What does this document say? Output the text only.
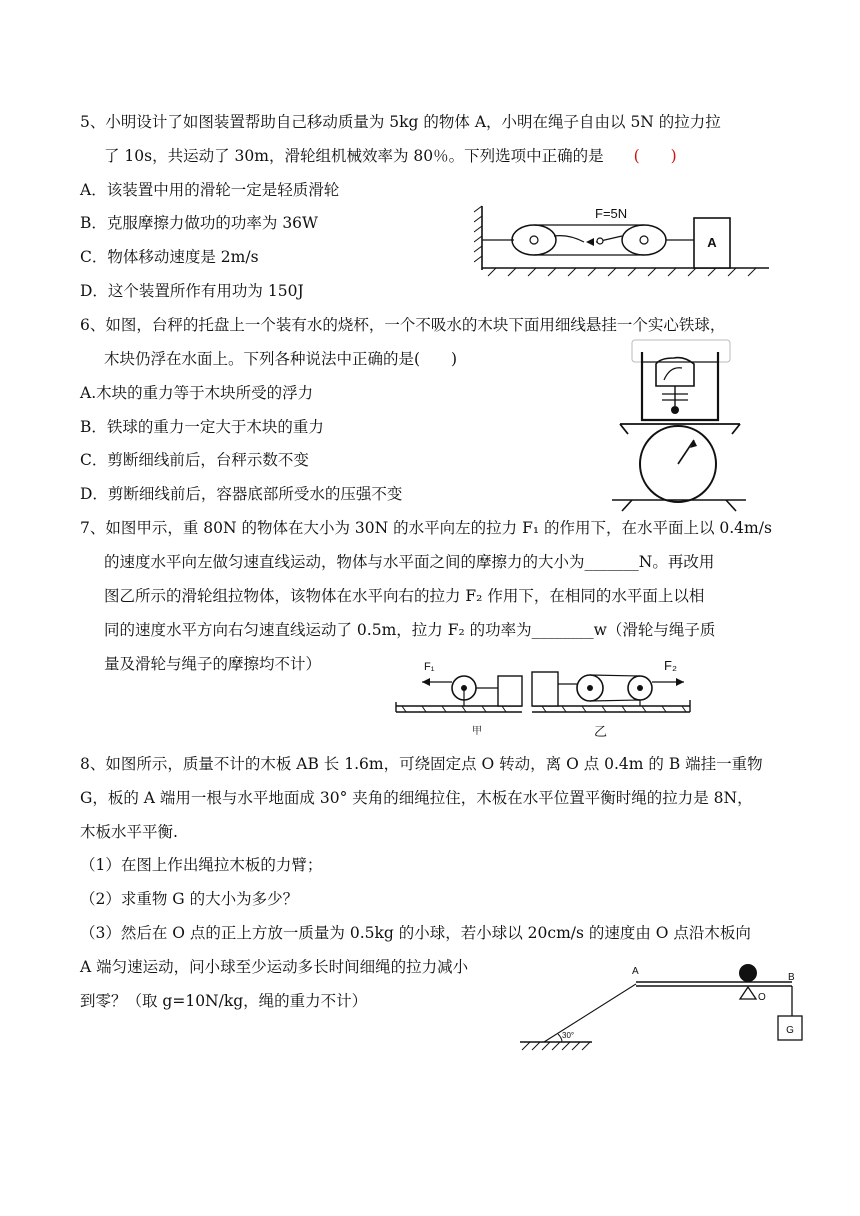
5、小明设计了如图装置帮助自己移动质量为 5kg 的物体 A，小明在绳子自由以 5N 的拉力拉
了 10s，共运动了 30m，滑轮组机械效率为 80％。下列选项中正确的是 (　　)
A．该装置中用的滑轮一定是轻质滑轮
B．克服摩擦力做功的功率为 36W
C．物体移动速度是 2m/s
D．这个装置所作有用功为 150J
F=5N
A
6、如图，台秤的托盘上一个装有水的烧杯，一个不吸水的木块下面用细线悬挂一个实心铁球，
木块仍浮在水面上。下列各种说法中正确的是(　　)
A.木块的重力等于木块所受的浮力
B．铁球的重力一定大于木块的重力
C．剪断细线前后，台秤示数不变
D．剪断细线前后，容器底部所受水的压强不变
7、如图甲示，重 80N 的物体在大小为 30N 的水平向左的拉力 F₁ 的作用下，在水平面上以 0.4m/s
的速度水平向左做匀速直线运动，物体与水平面之间的摩擦力的大小为_______N。再改用
图乙所示的滑轮组拉物体，该物体在水平向右的拉力 F₂ 作用下，在相同的水平面上以相
同的速度水平方向右匀速直线运动了 0.5m，拉力 F₂ 的功率为________w（滑轮与绳子质
量及滑轮与绳子的摩擦均不计）	F₁	F₂
甲	乙
8、如图所示，质量不计的木板 AB 长 1.6m，可绕固定点 O 转动，离 O 点 0.4m 的 B 端挂一重物
G，板的 A 端用一根与水平地面成 30° 夹角的细绳拉住，木板在水平位置平衡时绳的拉力是 8N，
木板水平平衡.
（1）在图上作出绳拉木板的力臂；
（2）求重物 G 的大小为多少？
（3）然后在 O 点的正上方放一质量为 0.5kg 的小球，若小球以 20cm/s 的速度由 O 点沿木板向
A 端匀速运动，问小球至少运动多长时间细绳的拉力减小
到零？（取 g=10N/kg，绳的重力不计）
A
B
O
G
30°
